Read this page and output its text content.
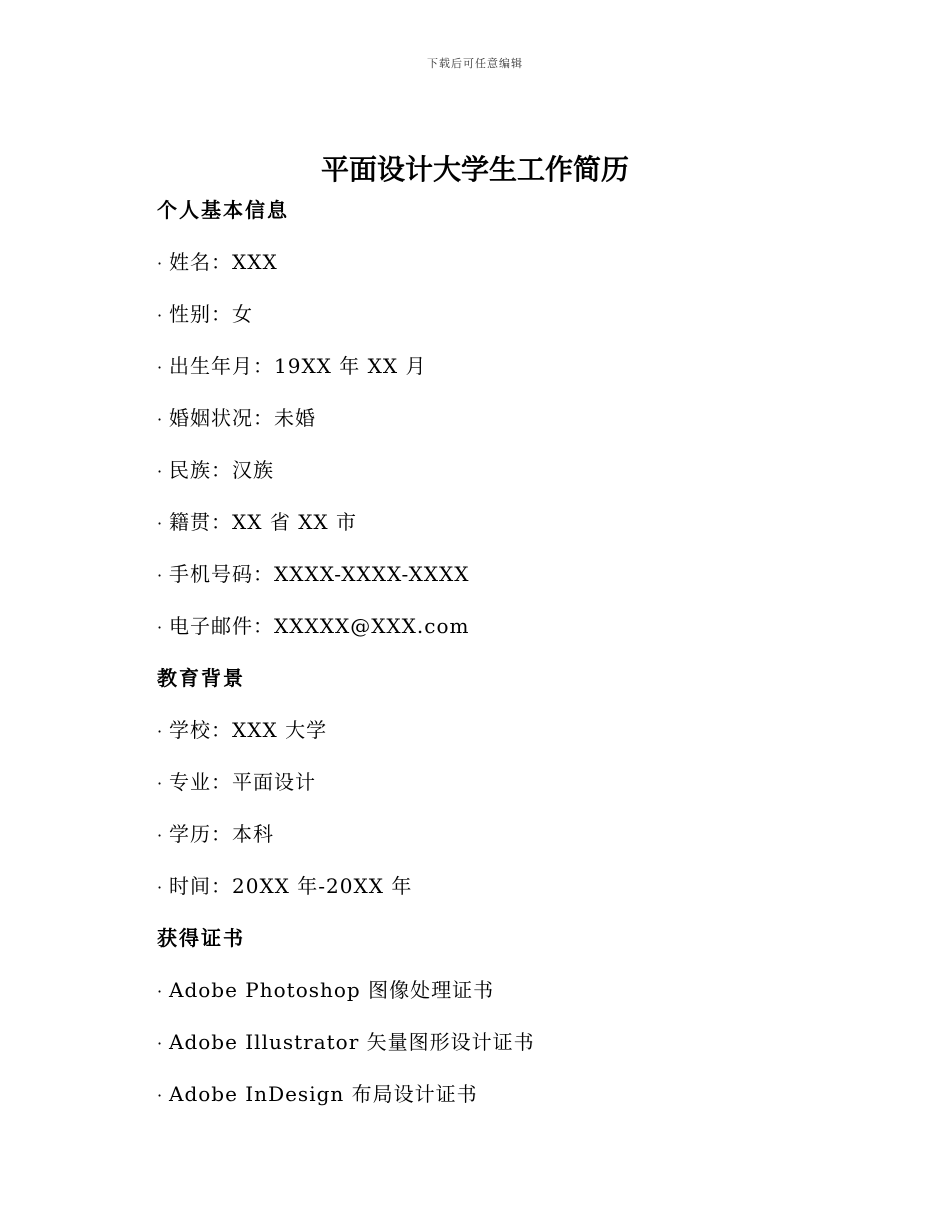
下载后可任意编辑
平面设计大学生工作简历
个人基本信息
· 姓名：XXX
· 性别：女
· 出生年月：19XX 年 XX 月
· 婚姻状况：未婚
· 民族：汉族
· 籍贯：XX 省 XX 市
· 手机号码：XXXX-XXXX-XXXX
· 电子邮件：XXXXX@XXX.com
教育背景
· 学校：XXX 大学
· 专业：平面设计
· 学历：本科
· 时间：20XX 年-20XX 年
获得证书
· Adobe Photoshop 图像处理证书
· Adobe Illustrator 矢量图形设计证书
· Adobe InDesign 布局设计证书
